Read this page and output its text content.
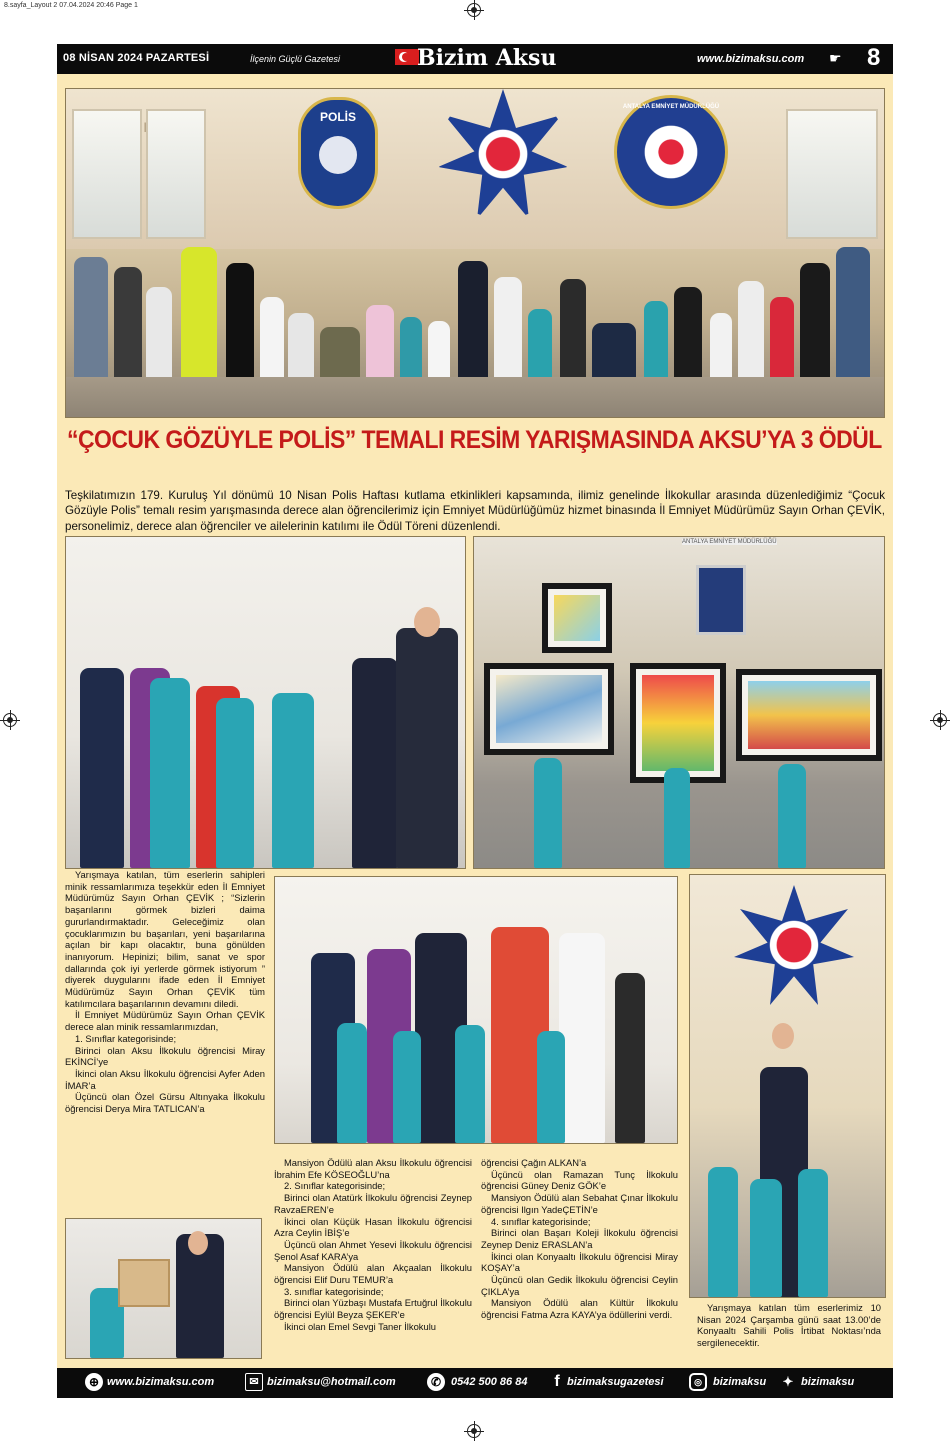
8.sayfa_Layout 2 07.04.2024 20:46 Page 1
08 NİSAN 2024 PAZARTESİ	İlçenin Güçlü Gazetesi	Bizim Aksu	www.bizimaksu.com ☛ 8
POLİS
ANTALYA EMNİYET MÜDÜRLÜĞÜ
“ÇOCUK GÖZÜYLE POLİS” TEMALI RESİM YARIŞMASINDA AKSU’YA 3 ÖDÜL
Teşkilatımızın 179. Kuruluş Yıl dönümü 10 Nisan Polis Haftası kutlama etkinlikleri kapsamında, ilimiz genelinde İlkokullar arasında düzenlediğimiz “Çocuk Gözüyle Polis” temalı resim yarışmasında derece alan öğrencilerimiz için Emniyet Müdürlüğümüz hizmet binasında İl Emniyet Müdürümüz Sayın Orhan ÇEVİK, personelimiz, derece alan öğrenciler ve ailelerinin katılımı ile Ödül Töreni düzenlendi.
ANTALYA EMNİYET MÜDÜRLÜĞÜ

Yarışmaya katılan, tüm eserlerin sahipleri minik ressamlarımıza teşekkür eden İl Emniyet Müdürümüz Sayın Orhan ÇEVİK ; “Sizlerin başarılarını görmek bizleri daima gururlandırmaktadır. Geleceğimiz olan çocuklarımızın bu başarıları, yeni başarılarına açılan bir kapı olacaktır, buna gönülden inanıyorum. Hepinizi; bilim, sanat ve spor dallarında çok iyi yerlerde görmek istiyorum ” diyerek duygularını ifade eden İl Emniyet Müdürümüz Sayın Orhan ÇEVİK tüm katılımcılara başarılarının devamını diledi.

İl Emniyet Müdürümüz Sayın Orhan ÇEVİK derece alan minik ressamlarımızdan,

1. Sınıflar kategorisinde;

Birinci olan Aksu İlkokulu öğrencisi Miray EKİNCİ’ye

İkinci olan Aksu İlkokulu öğrencisi Ayfer Aden İMAR’a

Üçüncü olan Özel Gürsu Altınyaka İlkokulu öğrencisi Derya Mira TATLICAN’a

Mansiyon Ödülü alan Aksu İlkokulu öğrencisi İbrahim Efe KÖSEOĞLU’na

2. Sınıflar kategorisinde;

Birinci olan Atatürk İlkokulu öğrencisi Zeynep RavzaEREN’e

İkinci olan Küçük Hasan İlkokulu öğrencisi Azra Ceylin İBİŞ’e

Üçüncü olan Ahmet Yesevi İlkokulu öğrencisi Şenol Asaf KARA’ya

Mansiyon Ödülü alan Akçaalan İlkokulu öğrencisi Elif Duru TEMUR’a

3. sınıflar kategorisinde;

Birinci olan Yüzbaşı Mustafa Ertuğrul İlkokulu öğrencisi Eylül Beyza ŞEKER’e

İkinci olan Emel Sevgi Taner İlkokulu

öğrencisi Çağın ALKAN’a

Üçüncü olan Ramazan Tunç İlkokulu öğrencisi Güney Deniz GÖK’e

Mansiyon Ödülü alan Sebahat Çınar İlkokulu öğrencisi Ilgın YadeÇETİN’e

4. sınıflar kategorisinde;

Birinci olan Başarı Koleji İlkokulu öğrencisi Zeynep Deniz ERASLAN’a

İkinci olan Konyaaltı İlkokulu öğrencisi Miray KOŞAY’a

Üçüncü olan Gedik İlkokulu öğrencisi Ceylin ÇIKLA’ya

Mansiyon Ödülü alan Kültür İlkokulu öğrencisi Fatma Azra KAYA’ya ödüllerini verdi.

Yarışmaya katılan tüm eserlerimiz 10 Nisan 2024 Çarşamba günü saat 13.00’de Konyaaltı Sahili Polis İrtibat Noktası’nda sergilenecektir.

⊕ www.bizimaksu.com	✉ bizimaksu@hotmail.com	✆ 0542 500 86 84	f bizimaksugazetesi	◎	bizimaksu ✦ bizimaksu
